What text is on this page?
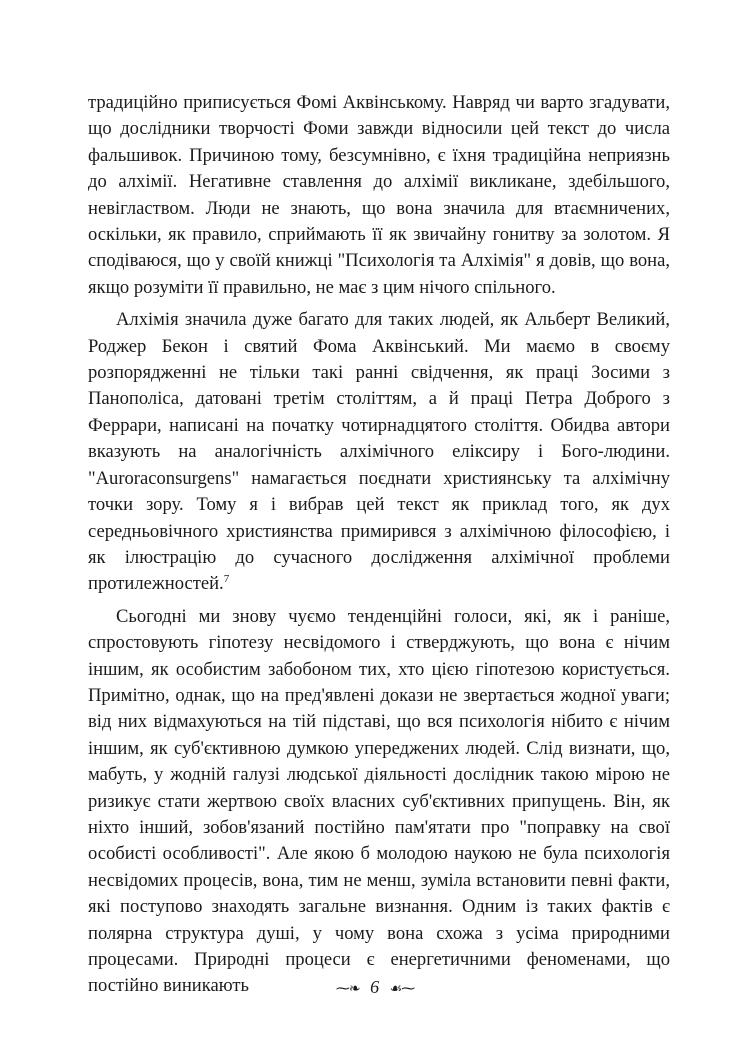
традиційно приписується Фомі Аквінському. Навряд чи варто згадувати, що дослідники творчості Фоми завжди відносили цей текст до числа фальшивок. Причиною тому, безсумнівно, є їхня традиційна неприязнь до алхімії. Негативне ставлення до алхімії викликане, здебільшого, невіглаством. Люди не знають, що вона значила для втаємничених, оскільки, як правило, сприймають її як звичайну гонитву за золотом. Я сподіваюся, що у своїй книжці "Психологія та Алхімія" я довів, що вона, якщо розуміти її правильно, не має з цим нічого спільного.

Алхімія значила дуже багато для таких людей, як Альберт Великий, Роджер Бекон і святий Фома Аквінський. Ми маємо в своєму розпорядженні не тільки такі ранні свідчення, як праці Зосими з Панополіса, датовані третім століттям, а й праці Петра Доброго з Феррари, написані на початку чотирнадцятого століття. Обидва автори вказують на аналогічність алхімічного еліксиру і Бого-людини. "Auroraconsurgens" намагається поєднати християнську та алхімічну точки зору. Тому я і вибрав цей текст як приклад того, як дух середньовічного християнства примирився з алхімічною філософією, і як ілюстрацію до сучасного дослідження алхімічної проблеми протилежностей.$^7$

Сьогодні ми знову чуємо тенденційні голоси, які, як і раніше, спростовують гіпотезу несвідомого і стверджують, що вона є нічим іншим, як особистим забобоном тих, хто цією гіпотезою користується. Примітно, однак, що на пред'явлені докази не звертається жодної уваги; від них відмахуються на тій підставі, що вся психологія нібито є нічим іншим, як суб'єктивною думкою упереджених людей. Слід визнати, що, мабуть, у жодній галузі людської діяльності дослідник такою мірою не ризикує стати жертвою своїх власних суб'єктивних припущень. Він, як ніхто інший, зобов'язаний постійно пам'ятати про "поправку на свої особисті особливості". Але якою б молодою наукою не була психологія несвідомих процесів, вона, тим не менш, зуміла встановити певні факти, які поступово знаходять загальне визнання. Одним із таких фактів є полярна структура душі, у чому вона схожа з усіма природними процесами. Природні процеси є енергетичними феноменами, що постійно виникають	⁓❧ 6 ☙⁓
